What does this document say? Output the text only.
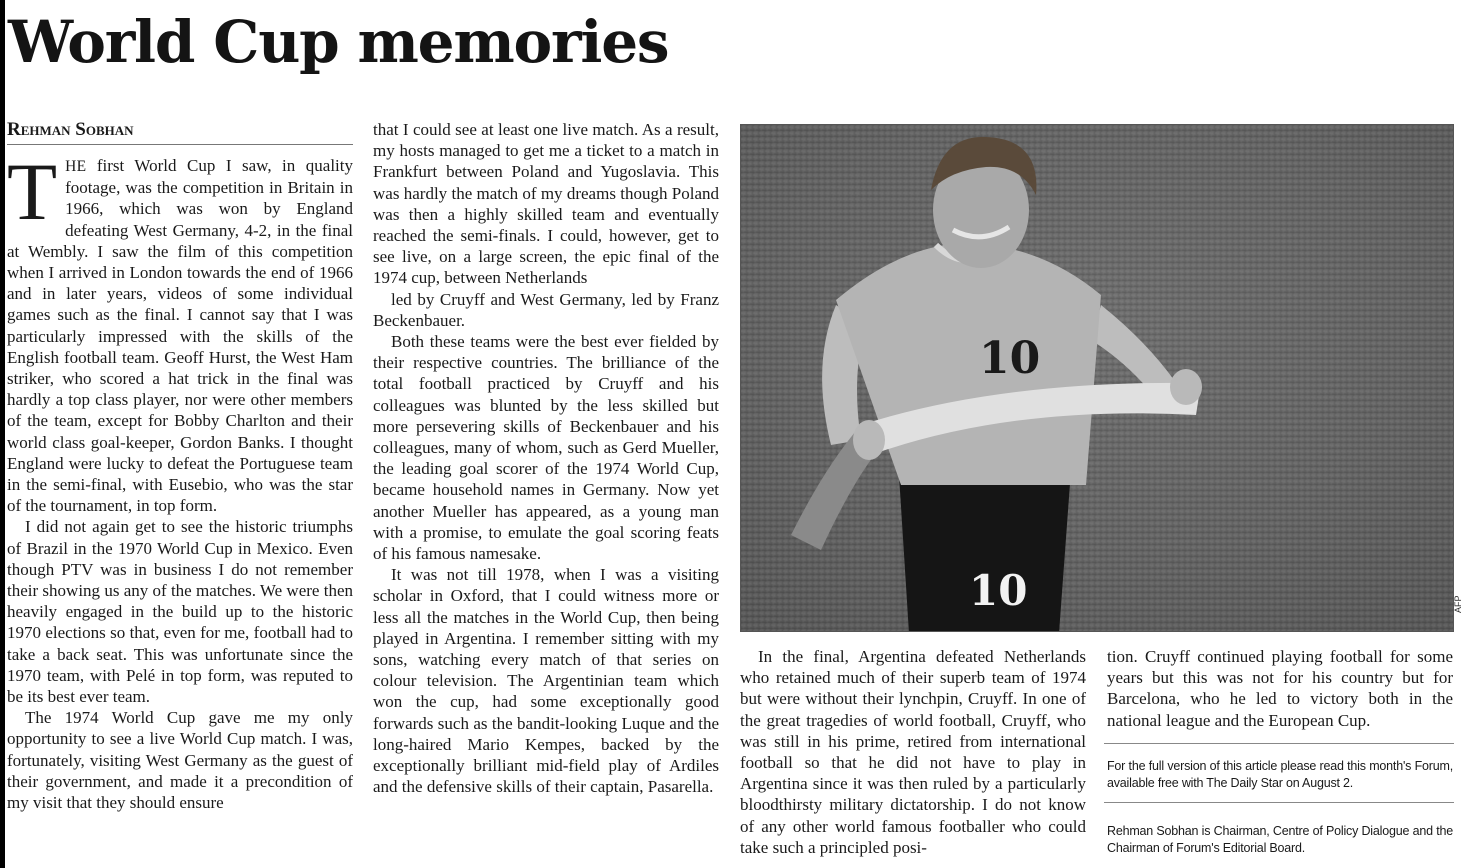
World Cup memories
Rehman Sobhan

THE first World Cup I saw, in quality footage, was the competition in Britain in 1966, which was won by England defeating West Germany, 4-2, in the final at Wembly. I saw the film of this competition when I arrived in London towards the end of 1966 and in later years, videos of some individual games such as the final. I cannot say that I was particularly impressed with the skills of the English football team. Geoff Hurst, the West Ham striker, who scored a hat trick in the final was hardly a top class player, nor were other members of the team, except for Bobby Charlton and their world class goal-keeper, Gordon Banks. I thought England were lucky to defeat the Portuguese team in the semi-final, with Eusebio, who was the star of the tournament, in top form.

I did not again get to see the historic triumphs of Brazil in the 1970 World Cup in Mexico. Even though PTV was in business I do not remember their showing us any of the matches. We were then heavily engaged in the build up to the historic 1970 elections so that, even for me, football had to take a back seat. This was unfortunate since the 1970 team, with Pelé in top form, was reputed to be its best ever team.

The 1974 World Cup gave me my only opportunity to see a live World Cup match. I was, fortunately, visiting West Germany as the guest of their government, and made it a precondition of my visit that they should ensure

that I could see at least one live match. As a result, my hosts managed to get me a ticket to a match in Frankfurt between Poland and Yugoslavia. This was hardly the match of my dreams though Poland was then a highly skilled team and eventually reached the semi-finals. I could, however, get to see live, on a large screen, the epic final of the 1974 cup, between Netherlands

led by Cruyff and West Germany, led by Franz Beckenbauer.

Both these teams were the best ever fielded by their respective countries. The brilliance of the total football practiced by Cruyff and his colleagues was blunted by the less skilled but more persevering skills of Beckenbauer and his colleagues, many of whom, such as Gerd Mueller, the leading goal scorer of the 1974 World Cup, became household names in Germany. Now yet another Mueller has appeared, as a young man with a promise, to emulate the goal scoring feats of his famous namesake.

It was not till 1978, when I was a visiting scholar in Oxford, that I could witness more or less all the matches in the World Cup, then being played in Argentina. I remember sitting with my sons, watching every match of that series on colour television. The Argentinian team which won the cup, had some exceptionally good forwards such as the bandit-looking Luque and the long-haired Mario Kempes, backed by the exceptionally brilliant mid-field play of Ardiles and the defensive skills of their captain, Pasarella.

10
10
AFP

In the final, Argentina defeated Netherlands who retained much of their superb team of 1974 but were without their lynchpin, Cruyff. In one of the great tragedies of world football, Cruyff, who was still in his prime, retired from international football so that he did not have to play in Argentina since it was then ruled by a particularly bloodthirsty military dictatorship. I do not know of any other world famous footballer who could take such a principled posi-

tion. Cruyff continued playing football for some years but this was not for his country but for Barcelona, who he led to victory both in the national league and the European Cup.

For the full version of this article please read this month's Forum, available free with The Daily Star on August 2.
Rehman Sobhan is Chairman, Centre of Policy Dialogue and the Chairman of Forum's Editorial Board.
